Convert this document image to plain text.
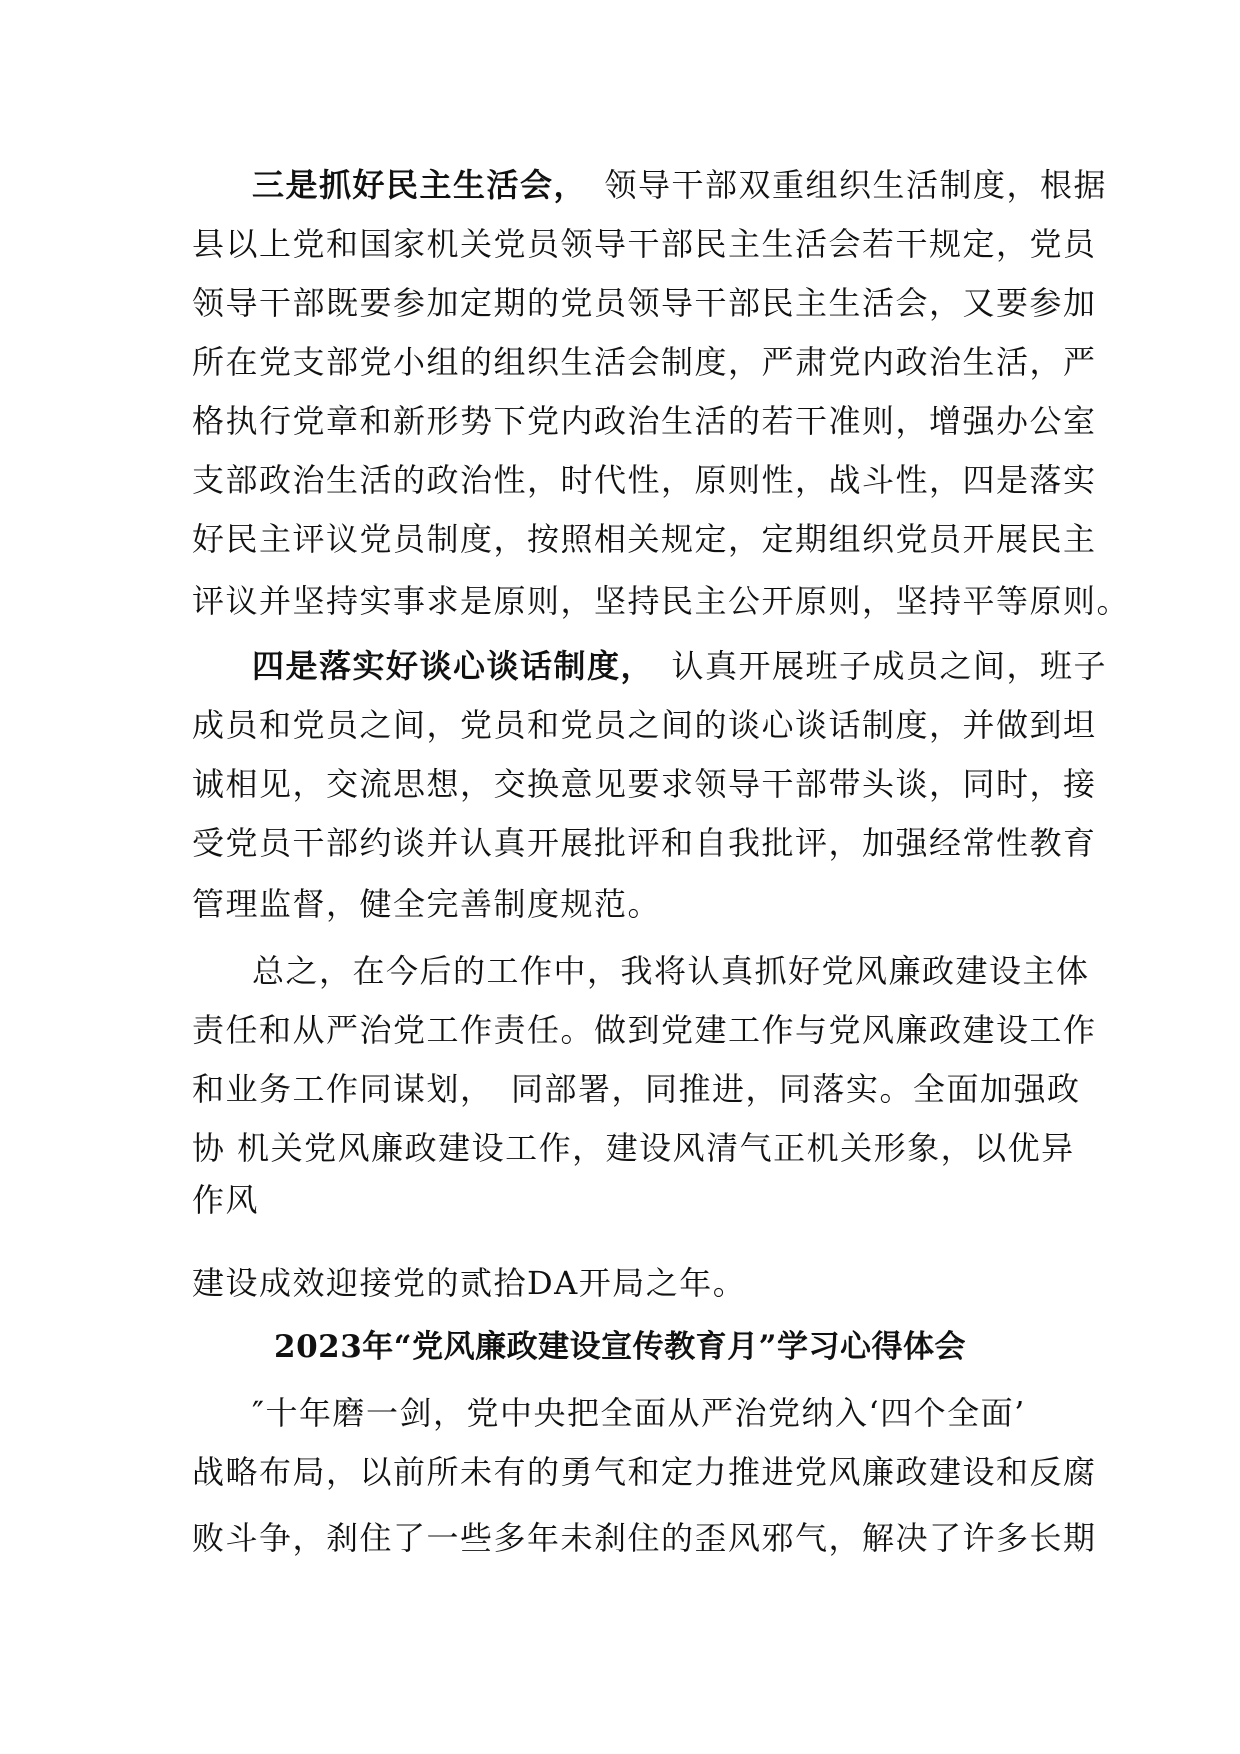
三是抓好民主生活会，　领导干部双重组织生活制度，根据
县以上党和国家机关党员领导干部民主生活会若干规定，党员
领导干部既要参加定期的党员领导干部民主生活会，又要参加
所在党支部党小组的组织生活会制度，严肃党内政治生活，严
格执行党章和新形势下党内政治生活的若干准则，增强办公室
支部政治生活的政治性，时代性，原则性，战斗性，四是落实
好民主评议党员制度，按照相关规定，定期组织党员开展民主
评议并坚持实事求是原则，坚持民主公开原则，坚持平等原则。
四是落实好谈心谈话制度，　认真开展班子成员之间，班子
成员和党员之间，党员和党员之间的谈心谈话制度，并做到坦
诚相见，交流思想，交换意见要求领导干部带头谈，同时，接
受党员干部约谈并认真开展批评和自我批评，加强经常性教育
管理监督，健全完善制度规范。
总之，在今后的工作中，我将认真抓好党风廉政建设主体
责任和从严治党工作责任。做到党建工作与党风廉政建设工作
和业务工作同谋划，　同部署，同推进，同落实。全面加强政
协 机关党风廉政建设工作，建设风清气正机关形象，以优异
作风
建设成效迎接党的贰拾DA开局之年。
2023年“党风廉政建设宣传教育月”学习心得体会
″十年磨一剑，党中央把全面从严治党纳入‘四个全面’
战略布局，以前所未有的勇气和定力推进党风廉政建设和反腐
败斗争，刹住了一些多年未刹住的歪风邪气，解决了许多长期
